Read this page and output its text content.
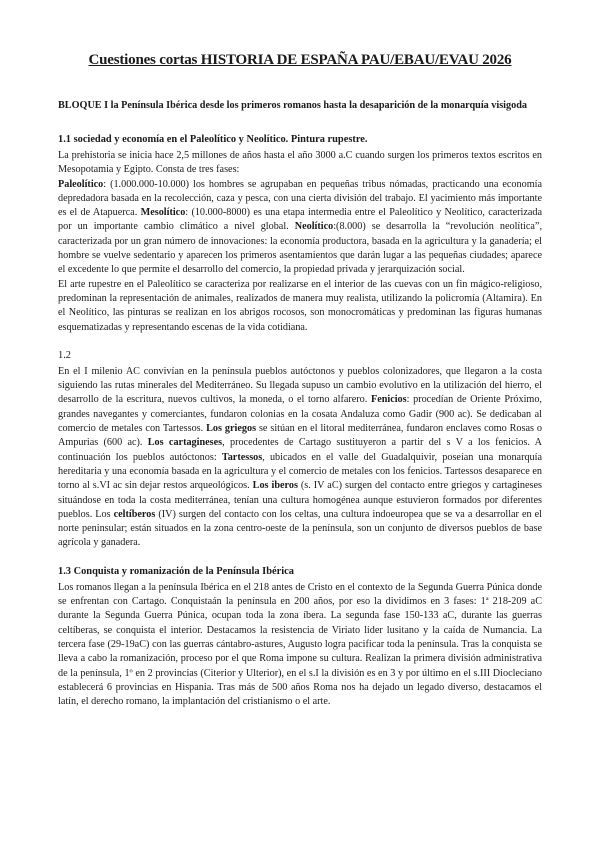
Cuestiones cortas HISTORIA DE ESPAÑA PAU/EBAU/EVAU 2026
BLOQUE I la Península Ibérica desde los primeros romanos hasta la desaparición de la monarquía visigoda
1.1 sociedad y economía en el Paleolítico y Neolítico. Pintura rupestre.

La prehistoria se inicia hace 2,5 millones de años hasta el año 3000 a.C cuando surgen los primeros textos escritos en Mesopotamia y Egipto. Consta de tres fases:

Paleolítico: (1.000.000-10.000) los hombres se agrupaban en pequeñas tribus nómadas, practicando una economía depredadora basada en la recolección, caza y pesca, con una cierta división del trabajo. El yacimiento más importante es el de Atapuerca. Mesolítico: (10.000-8000) es una etapa intermedia entre el Paleolítico y Neolítico, caracterizada por un importante cambio climático a nivel global. Neolítico:(8.000) se desarrolla la “revolución neolítica”, caracterizada por un gran número de innovaciones: la economía productora, basada en la agricultura y la ganadería; el hombre se vuelve sedentario y aparecen los primeros asentamientos que darán lugar a las pequeñas ciudades; aparece el excedente lo que permite el desarrollo del comercio, la propiedad privada y jerarquización social.

El arte rupestre en el Paleolítico se caracteriza por realizarse en el interior de las cuevas con un fin mágico-religioso, predominan la representación de animales, realizados de manera muy realista, utilizando la policromía (Altamira). En el Neolítico, las pinturas se realizan en los abrigos rocosos, son monocromáticas y predominan las figuras humanas esquematizadas y representando escenas de la vida cotidiana.

1.2

En el I milenio AC convivían en la península pueblos autóctonos y pueblos colonizadores, que llegaron a la costa siguiendo las rutas minerales del Mediterráneo. Su llegada supuso un cambio evolutivo en la utilización del hierro, el desarrollo de la escritura, nuevos cultivos, la moneda, o el torno alfarero. Fenicios: procedían de Oriente Próximo, grandes navegantes y comerciantes, fundaron colonias en la cosata Andaluza como Gadir (900 ac). Se dedicaban al comercio de metales con Tartessos. Los griegos se sitúan en el litoral mediterránea, fundaron enclaves como Rosas o Ampurias (600 ac). Los cartagineses, procedentes de Cartago sustituyeron a partir del s V a los fenicios. A continuación los pueblos autóctonos: Tartessos, ubicados en el valle del Guadalquivir, poseían una monarquía hereditaria y una economía basada en la agricultura y el comercio de metales con los fenicios. Tartessos desaparece en torno al s.VI ac sin dejar restos arqueológicos. Los iberos (s. IV aC) surgen del contacto entre griegos y cartagineses situándose en toda la costa mediterránea, tenían una cultura homogénea aunque estuvieron formados por diferentes pueblos. Los celtíberos (IV) surgen del contacto con los celtas, una cultura indoeuropea que se va a desarrollar en el norte peninsular; están situados en la zona centro-oeste de la península, son un conjunto de diversos pueblos de base agrícola y ganadera.

1.3 Conquista y romanización de la Península Ibérica

Los romanos llegan a la península Ibérica en el 218 antes de Cristo en el contexto de la Segunda Guerra Púnica donde se enfrentan con Cartago. Conquistaán la península en 200 años, por eso la dividimos en 3 fases: 1ª 218-209 aC durante la Segunda Guerra Púnica, ocupan toda la zona íbera. La segunda fase 150-133 aC, durante las guerras celtíberas, se conquista el interior. Destacamos la resistencia de Viriato líder lusitano y la caída de Numancia. La tercera fase (29-19aC) con las guerras cántabro-astures, Augusto logra pacificar toda la península. Tras la conquista se lleva a cabo la romanización, proceso por el que Roma impone su cultura. Realizan la primera división administrativa de la península, 1º en 2 provincias (Citerior y Ulterior), en el s.I la división es en 3 y por último en el s.III Diocleciano establecerá 6 provincias en Hispania. Tras más de 500 años Roma nos ha dejado un legado diverso, destacamos el latín, el derecho romano, la implantación del cristianismo o el arte.
